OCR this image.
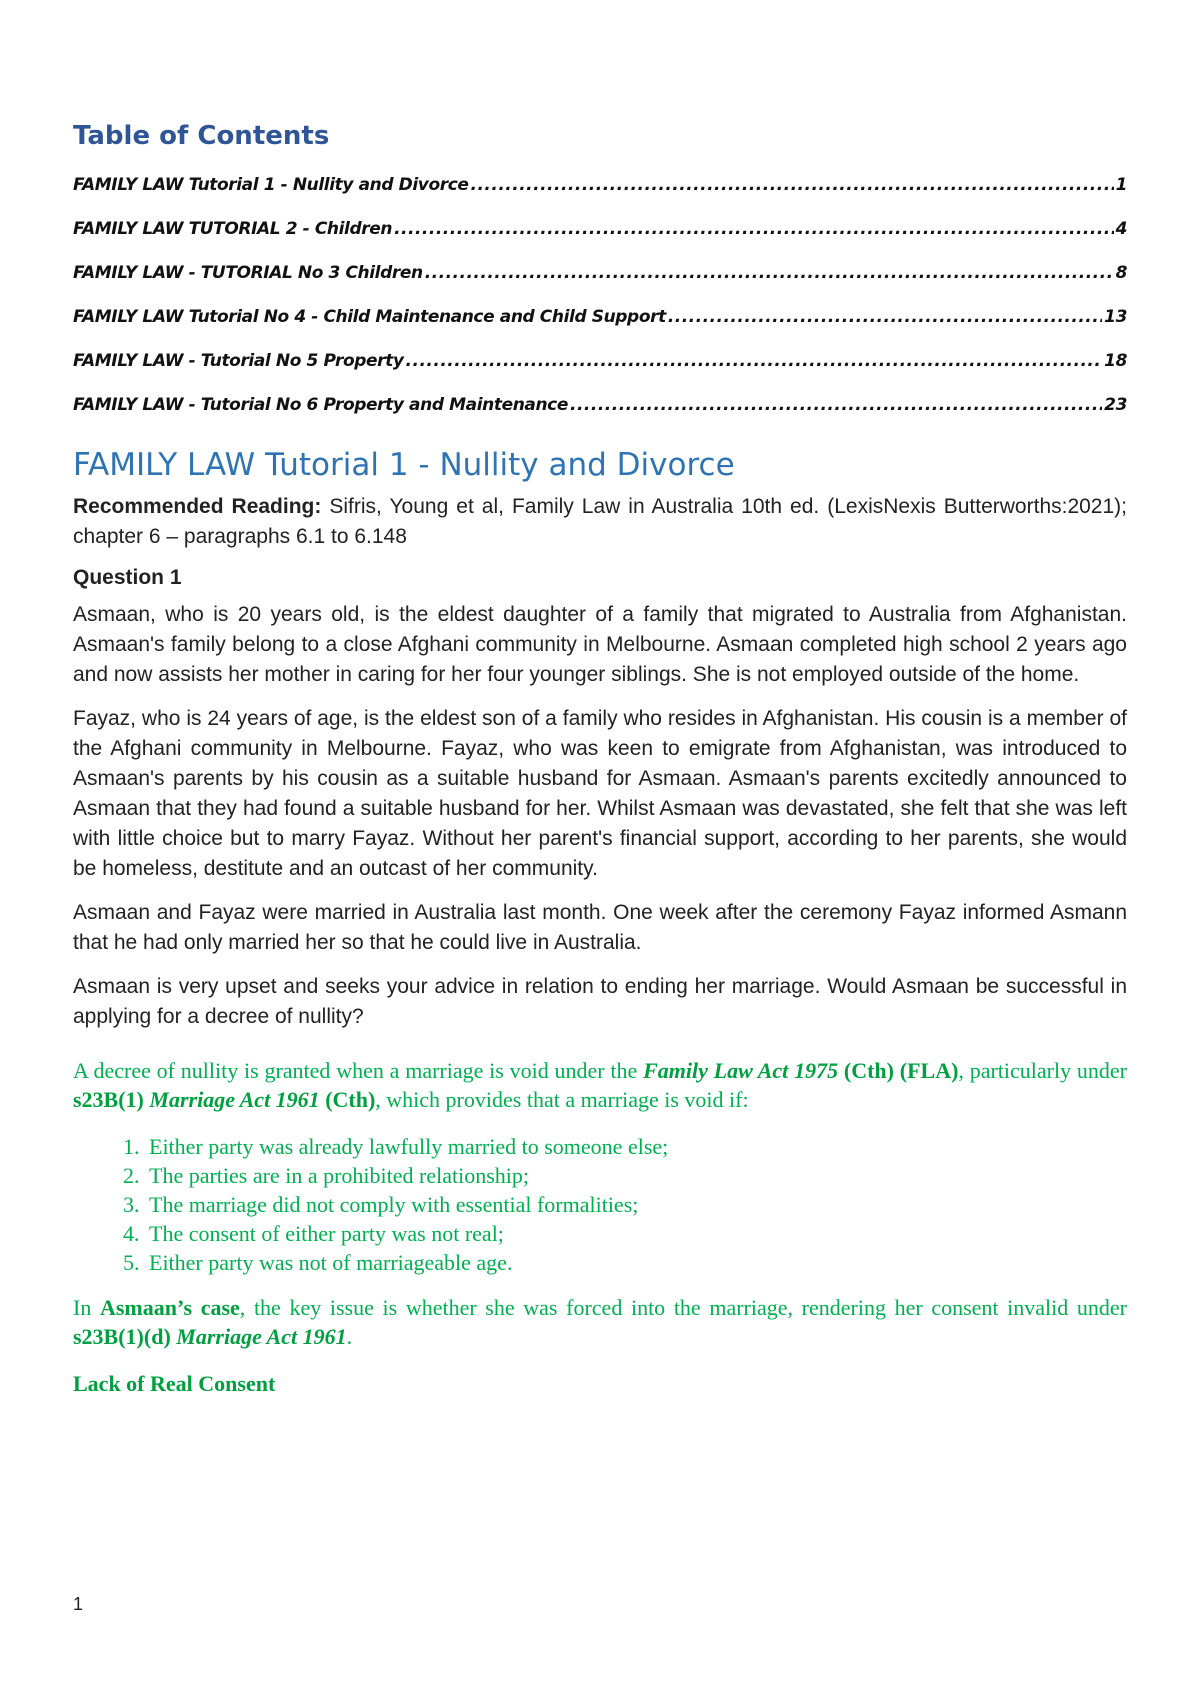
Table of Contents
FAMILY LAW Tutorial 1 - Nullity and Divorce .....	1
FAMILY LAW TUTORIAL 2 - Children .....	4
FAMILY LAW - TUTORIAL No 3 Children .....	8
FAMILY LAW Tutorial No 4 - Child Maintenance and Child Support .....	13
FAMILY LAW - Tutorial No 5 Property .....	18
FAMILY LAW - Tutorial No 6 Property and Maintenance .....	23
FAMILY LAW Tutorial 1 - Nullity and Divorce

Recommended Reading: Sifris, Young et al, Family Law in Australia 10th ed. (LexisNexis Butterworths:2021); chapter 6 – paragraphs 6.1 to 6.148

Question 1

Asmaan, who is 20 years old, is the eldest daughter of a family that migrated to Australia from Afghanistan. Asmaan's family belong to a close Afghani community in Melbourne. Asmaan completed high school 2 years ago and now assists her mother in caring for her four younger siblings. She is not employed outside of the home.

Fayaz, who is 24 years of age, is the eldest son of a family who resides in Afghanistan. His cousin is a member of the Afghani community in Melbourne. Fayaz, who was keen to emigrate from Afghanistan, was introduced to Asmaan's parents by his cousin as a suitable husband for Asmaan. Asmaan's parents excitedly announced to Asmaan that they had found a suitable husband for her. Whilst Asmaan was devastated, she felt that she was left with little choice but to marry Fayaz. Without her parent's financial support, according to her parents, she would be homeless, destitute and an outcast of her community.

Asmaan and Fayaz were married in Australia last month. One week after the ceremony Fayaz informed Asmann that he had only married her so that he could live in Australia.

Asmaan is very upset and seeks your advice in relation to ending her marriage. Would Asmaan be successful in applying for a decree of nullity?

A decree of nullity is granted when a marriage is void under the Family Law Act 1975 (Cth) (FLA), particularly under s23B(1) Marriage Act 1961 (Cth), which provides that a marriage is void if:

1. Either party was already lawfully married to someone else;
2. The parties are in a prohibited relationship;
3. The marriage did not comply with essential formalities;
4. The consent of either party was not real;
5. Either party was not of marriageable age.

In Asmaan’s case, the key issue is whether she was forced into the marriage, rendering her consent invalid under s23B(1)(d) Marriage Act 1961.

Lack of Real Consent
1
